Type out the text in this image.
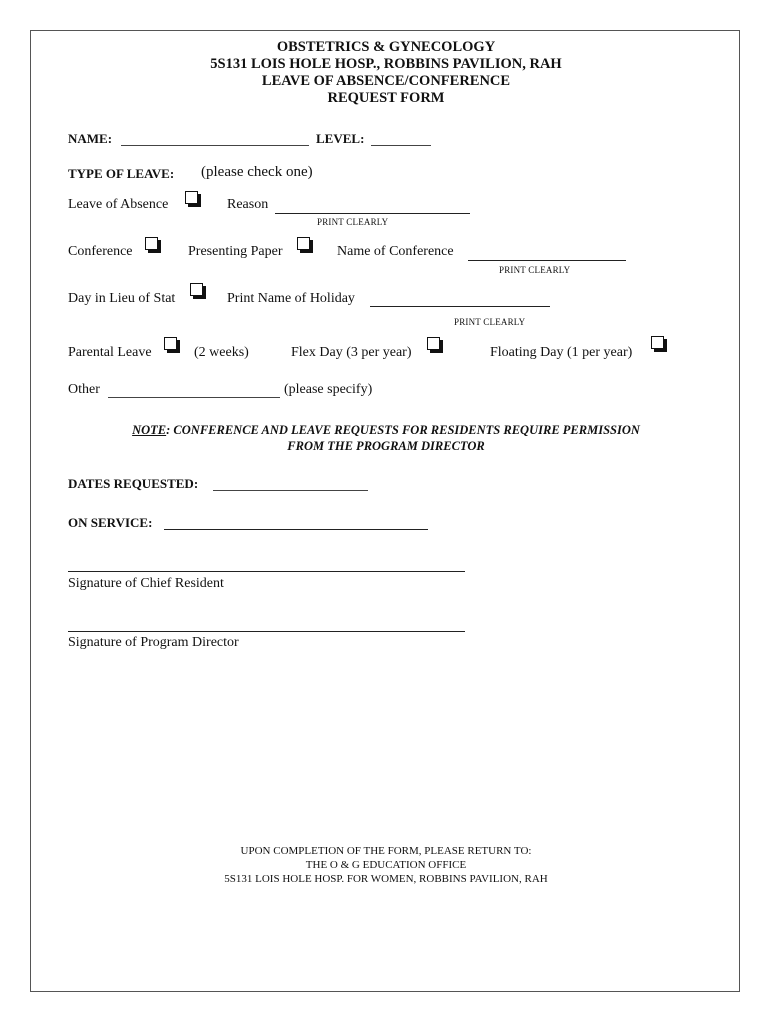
OBSTETRICS & GYNECOLOGY
5S131 LOIS HOLE HOSP., ROBBINS PAVILION, RAH
LEAVE OF ABSENCE/CONFERENCE
REQUEST FORM
NAME:	LEVEL:
TYPE OF LEAVE: (please check one)
Leave of Absence	Reason
PRINT CLEARLY
Conference	Presenting Paper	Name of Conference
PRINT CLEARLY
Day in Lieu of Stat	Print Name of Holiday
PRINT CLEARLY
Parental Leave	(2 weeks)	Flex Day (3 per year)	Floating Day (1 per year)
Other	(please specify)
NOTE: CONFERENCE AND LEAVE REQUESTS FOR RESIDENTS REQUIRE PERMISSION
FROM THE PROGRAM DIRECTOR
DATES REQUESTED:
ON SERVICE:
Signature of Chief Resident
Signature of Program Director
UPON COMPLETION OF THE FORM, PLEASE RETURN TO:
THE O & G EDUCATION OFFICE
5S131 LOIS HOLE HOSP. FOR WOMEN, ROBBINS PAVILION, RAH
